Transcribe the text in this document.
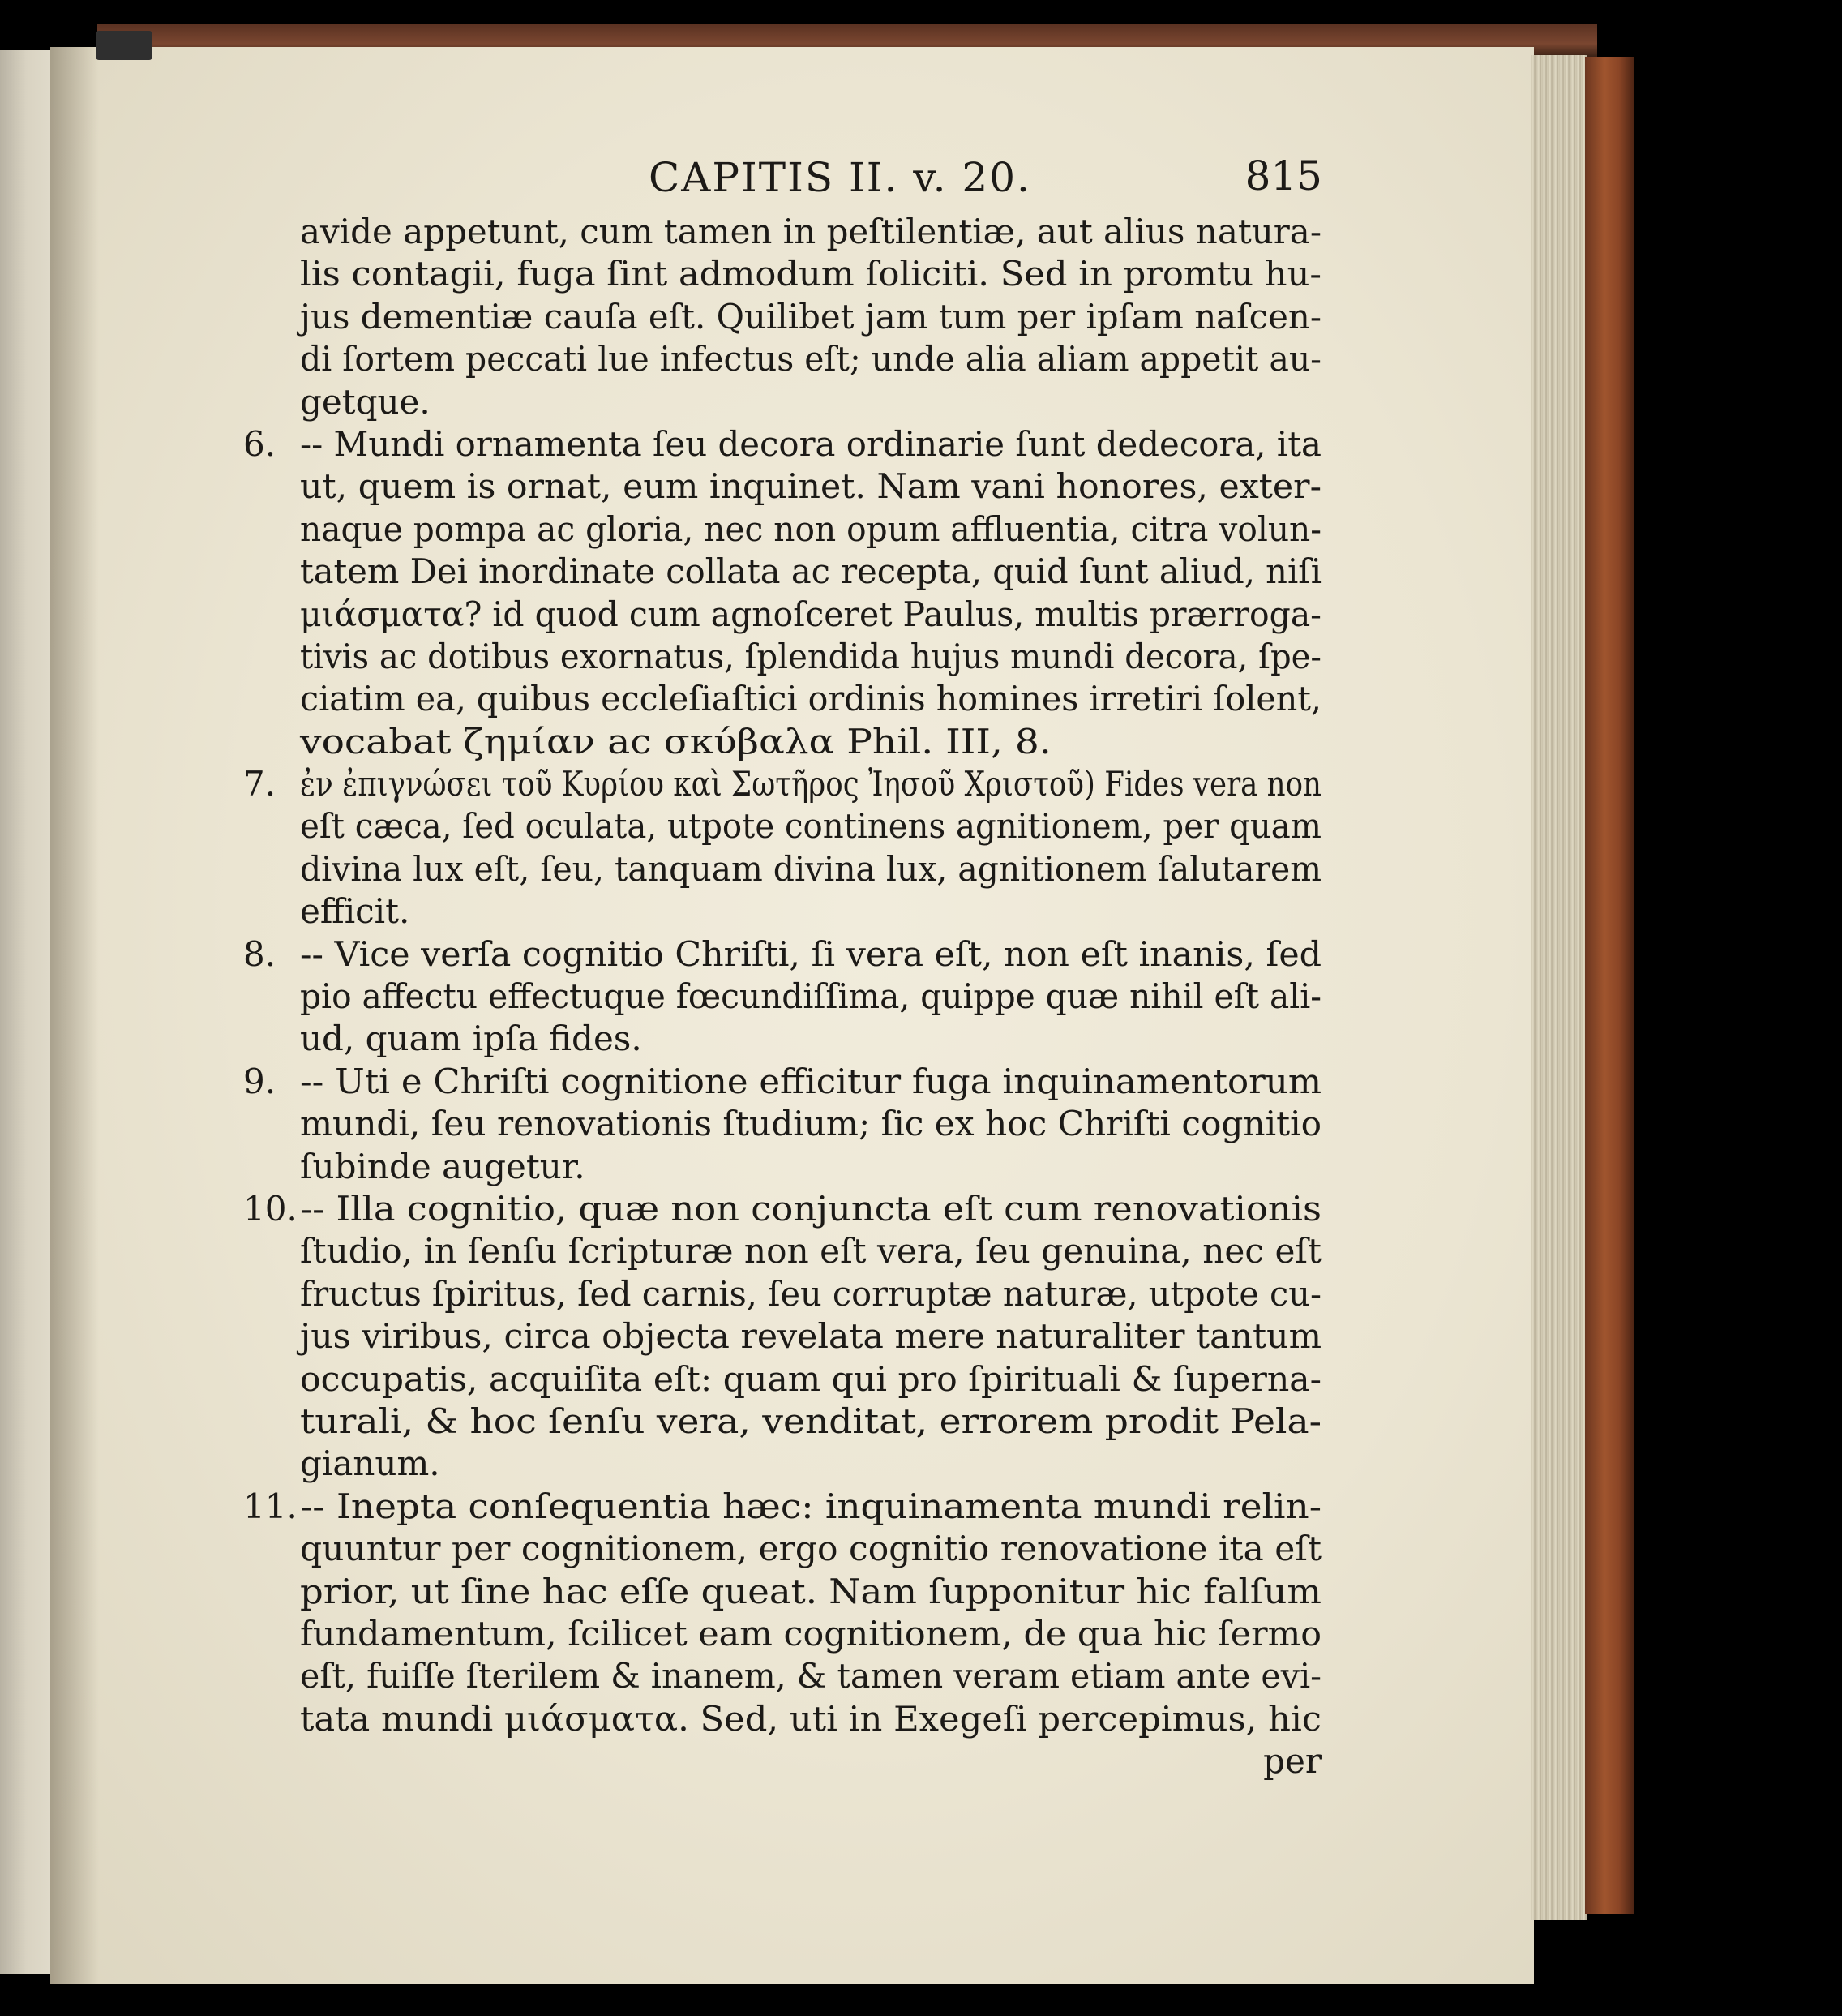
CAPITIS II. v. 20.	815
avide appetunt, cum tamen in peſtilentiæ, aut alius natura-
lis contagii, fuga ſint admodum ſoliciti. Sed in promtu hu-
jus dementiæ cauſa eſt. Quilibet jam tum per ipſam naſcen-
di ſortem peccati lue infectus eſt; unde alia aliam appetit au-
getque.
6. -- Mundi ornamenta ſeu decora ordinarie ſunt dedecora, ita
ut, quem is ornat, eum inquinet. Nam vani honores, exter-
naque pompa ac gloria, nec non opum affluentia, citra volun-
tatem Dei inordinate collata ac recepta, quid ſunt aliud, niſi
μιάσματα? id quod cum agnoſceret Paulus, multis prærroga-
tivis ac dotibus exornatus, ſplendida hujus mundi decora, ſpe-
ciatim ea, quibus eccleſiaſtici ordinis homines irretiri ſolent,
vocabat ζημίαν ac σκύβαλα Phil. III, 8.
7. ἐν ἐπιγνώσει τοῦ Κυρίου καὶ Σωτῆρος Ἰησοῦ Χριστοῦ) Fides vera non
eſt cæca, ſed oculata, utpote continens agnitionem, per quam
divina lux eſt, ſeu, tanquam divina lux, agnitionem ſalutarem
efficit.
8. -- Vice verſa cognitio Chriſti, ſi vera eſt, non eſt inanis, ſed
pio affectu effectuque fœcundiſſima, quippe quæ nihil eſt ali-
ud, quam ipſa fides.
9. -- Uti e Chriſti cognitione efficitur fuga inquinamentorum
mundi, ſeu renovationis ſtudium; ſic ex hoc Chriſti cognitio
ſubinde augetur.
10. -- Illa cognitio, quæ non conjuncta eſt cum renovationis
ſtudio, in ſenſu ſcripturæ non eſt vera, ſeu genuina, nec eſt
fructus ſpiritus, ſed carnis, ſeu corruptæ naturæ, utpote cu-
jus viribus, circa objecta revelata mere naturaliter tantum
occupatis, acquiſita eſt: quam qui pro ſpirituali & ſuperna-
turali, & hoc ſenſu vera, venditat, errorem prodit Pela-
gianum.
11. -- Inepta conſequentia hæc: inquinamenta mundi relin-
quuntur per cognitionem, ergo cognitio renovatione ita eſt
prior, ut ſine hac eſſe queat. Nam ſupponitur hic falſum
fundamentum, ſcilicet eam cognitionem, de qua hic ſermo
eſt, fuiſſe ſterilem & inanem, & tamen veram etiam ante evi-
tata mundi μιάσματα. Sed, uti in Exegeſi percepimus, hic
per
